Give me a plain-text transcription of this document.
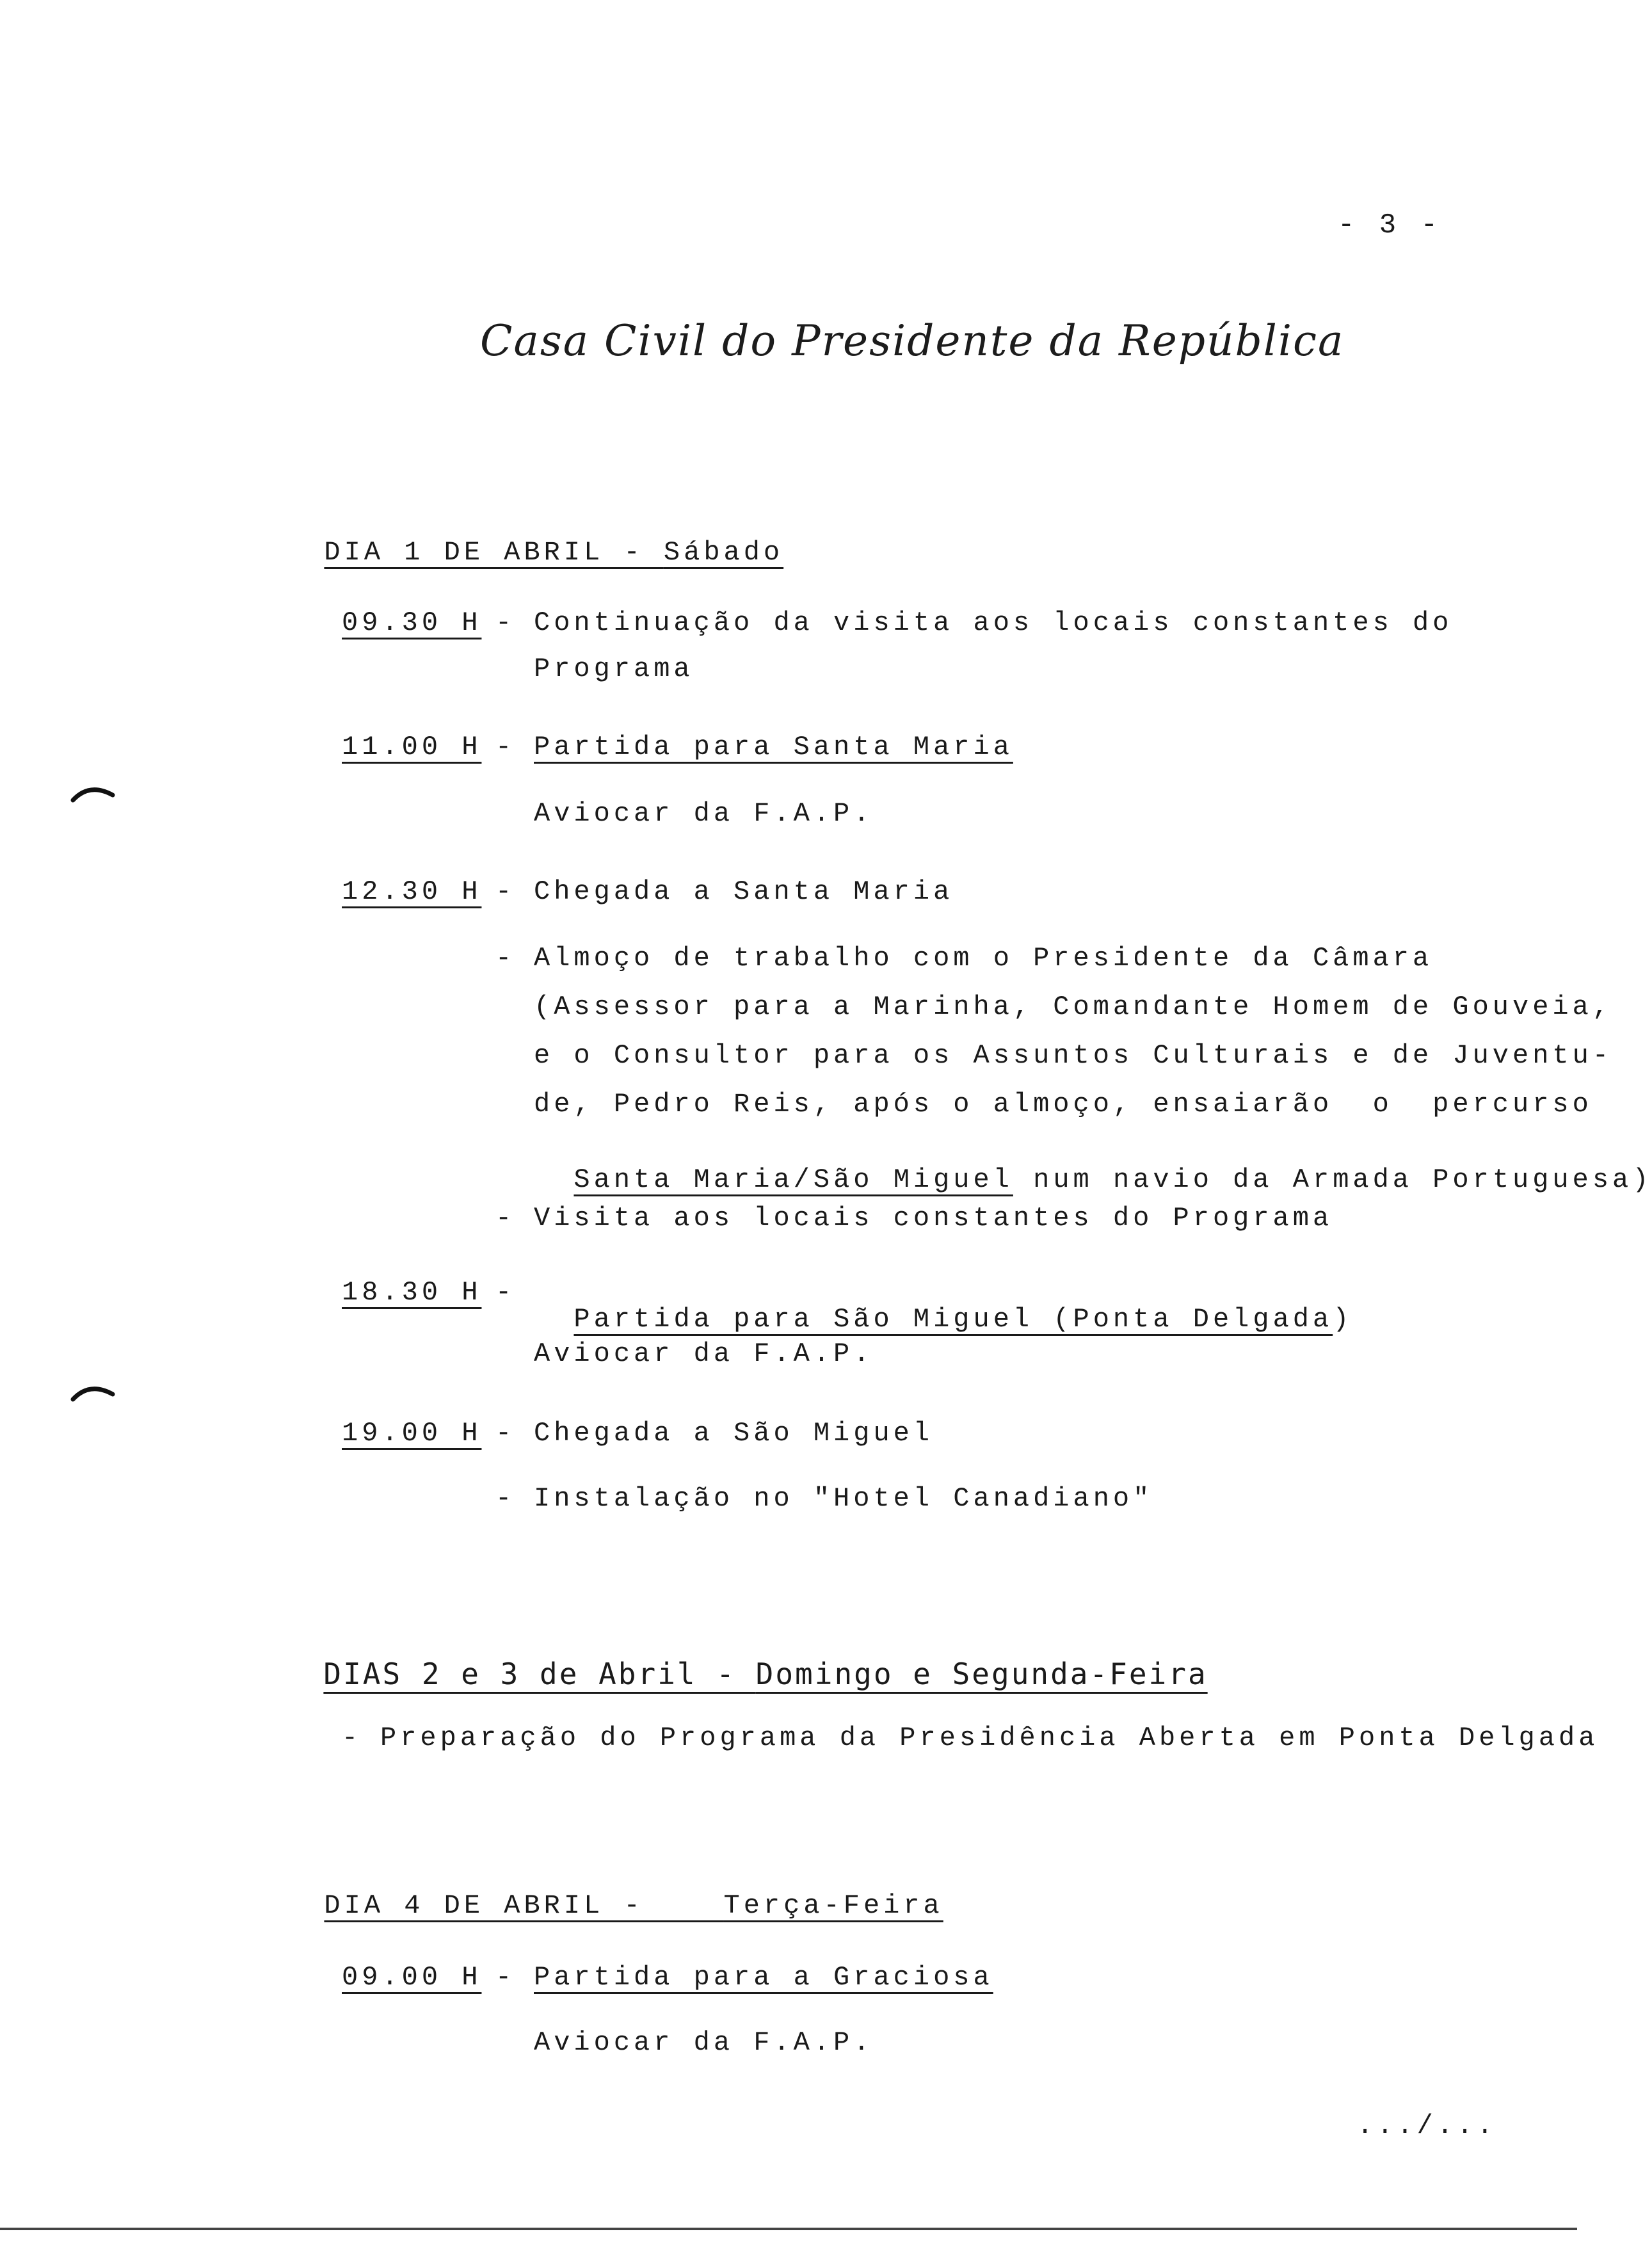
- 3 -
Casa Civil do Presidente da República

DIA 1 DE ABRIL - Sábado

09.30 H - Continuação da visita aos locais constantes do
Programa
11.00 H - Partida para Santa Maria
Aviocar da F.A.P.
12.30 H - Chegada a Santa Maria
- Almoço de trabalho com o Presidente da Câmara
(Assessor para a Marinha, Comandante Homem de Gouveia,
e o Consultor para os Assuntos Culturais e de Juventu-
de, Pedro Reis, após o almoço, ensaiarão  o  percurso

Santa Maria/São Miguel num navio da Armada Portuguesa)

- Visita aos locais constantes do Programa
18.30 H -

Partida para São Miguel (Ponta Delgada)

Aviocar da F.A.P.
19.00 H - Chegada a São Miguel
- Instalação no "Hotel Canadiano"

DIAS 2 e 3 de Abril - Domingo e Segunda-Feira

- Preparação do Programa da Presidência Aberta em Ponta Delgada

DIA 4 DE ABRIL -    Terça-Feira

09.00 H - Partida para a Graciosa
Aviocar da F.A.P.
.../...
